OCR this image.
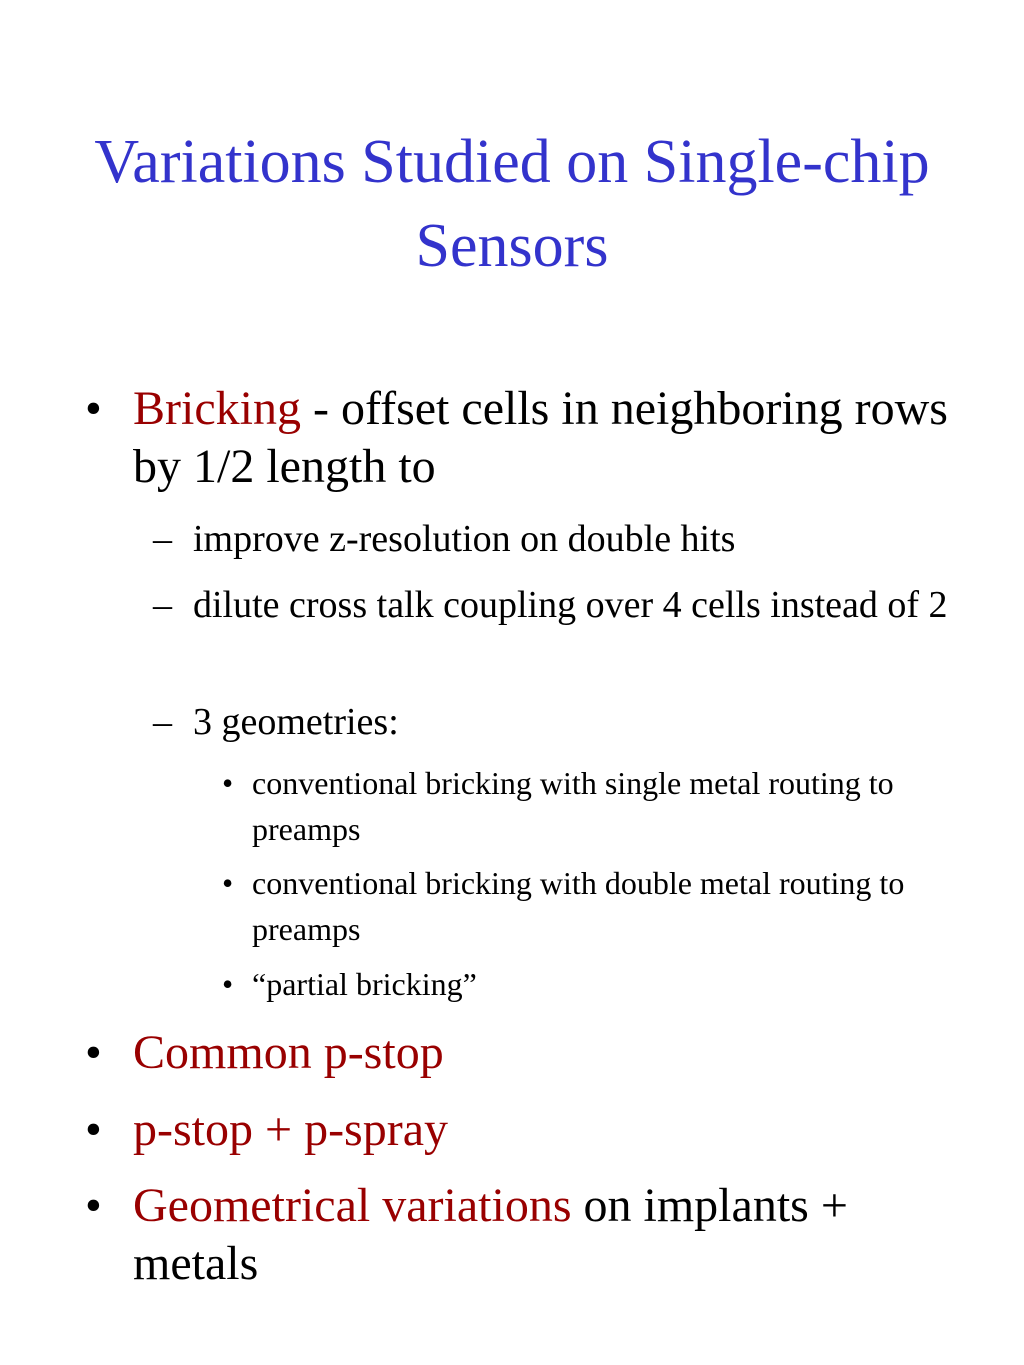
Variations Studied on Single-chip Sensors

• Bricking - offset cells in neighboring rows by 1/2 length to

– improve z-resolution on double hits

– dilute cross talk coupling over 4 cells instead of 2

– 3 geometries:

• conventional bricking with single metal routing to preamps

• conventional bricking with double metal routing to preamps

• “partial bricking”

• Common p-stop

• p-stop + p-spray

• Geometrical variations on implants + metals
